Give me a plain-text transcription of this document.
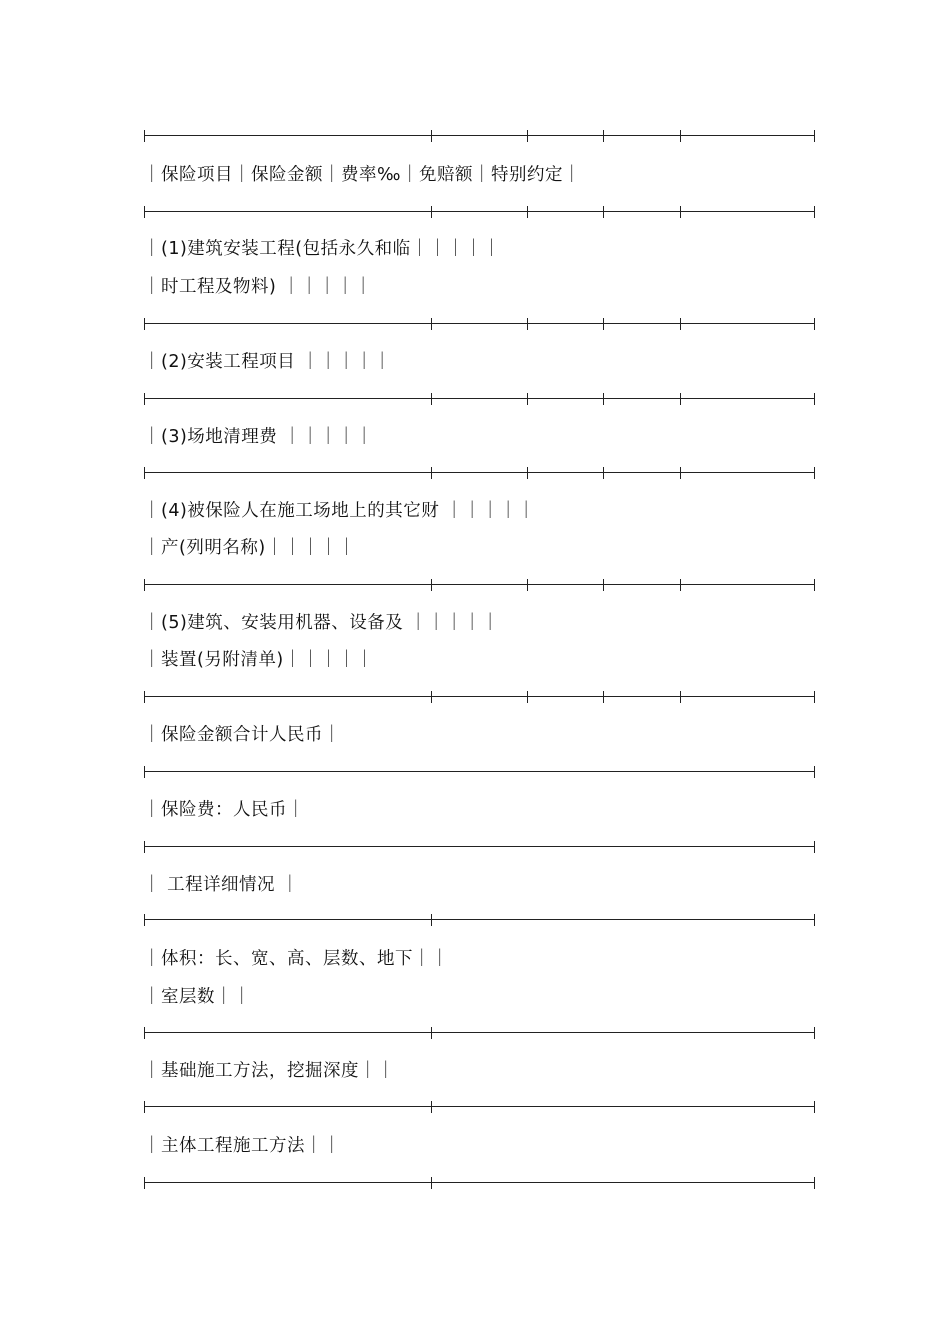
｜保险项目｜保险金额｜费率‰｜免赔额｜特别约定｜
｜(1)建筑安装工程(包括永久和临｜｜｜｜｜
｜时工程及物料) ｜｜｜｜｜
｜(2)安装工程项目 ｜｜｜｜｜
｜(3)场地清理费 ｜｜｜｜｜
｜(4)被保险人在施工场地上的其它财 ｜｜｜｜｜
｜产(列明名称)｜｜｜｜｜
｜(5)建筑、安装用机器、设备及 ｜｜｜｜｜
｜装置(另附清单)｜｜｜｜｜
｜保险金额合计人民币｜
｜保险费：人民币｜
｜ 工程详细情况 ｜
｜体积：长、宽、高、层数、地下｜｜
｜室层数｜｜
｜基础施工方法，挖掘深度｜｜
｜主体工程施工方法｜｜
